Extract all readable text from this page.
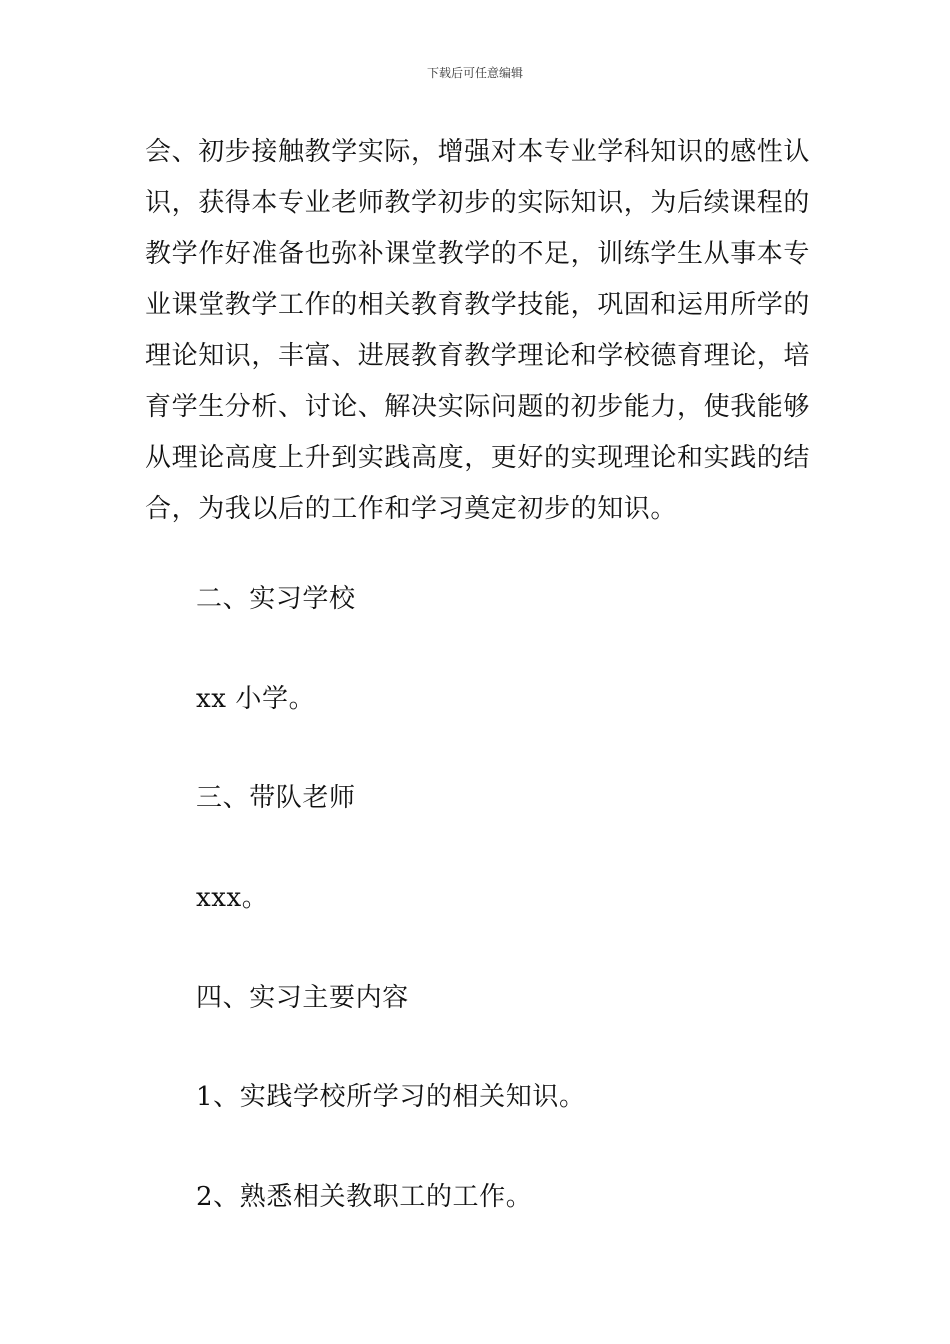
下载后可任意编辑
会、初步接触教学实际，增强对本专业学科知识的感性认
识，获得本专业老师教学初步的实际知识，为后续课程的
教学作好准备也弥补课堂教学的不足，训练学生从事本专
业课堂教学工作的相关教育教学技能，巩固和运用所学的
理论知识，丰富、进展教育教学理论和学校德育理论，培
育学生分析、讨论、解决实际问题的初步能力，使我能够
从理论高度上升到实践高度，更好的实现理论和实践的结
合，为我以后的工作和学习奠定初步的知识。
二、实习学校
xx 小学。
三、带队老师
xxx。
四、实习主要内容
1、实践学校所学习的相关知识。
2、熟悉相关教职工的工作。
